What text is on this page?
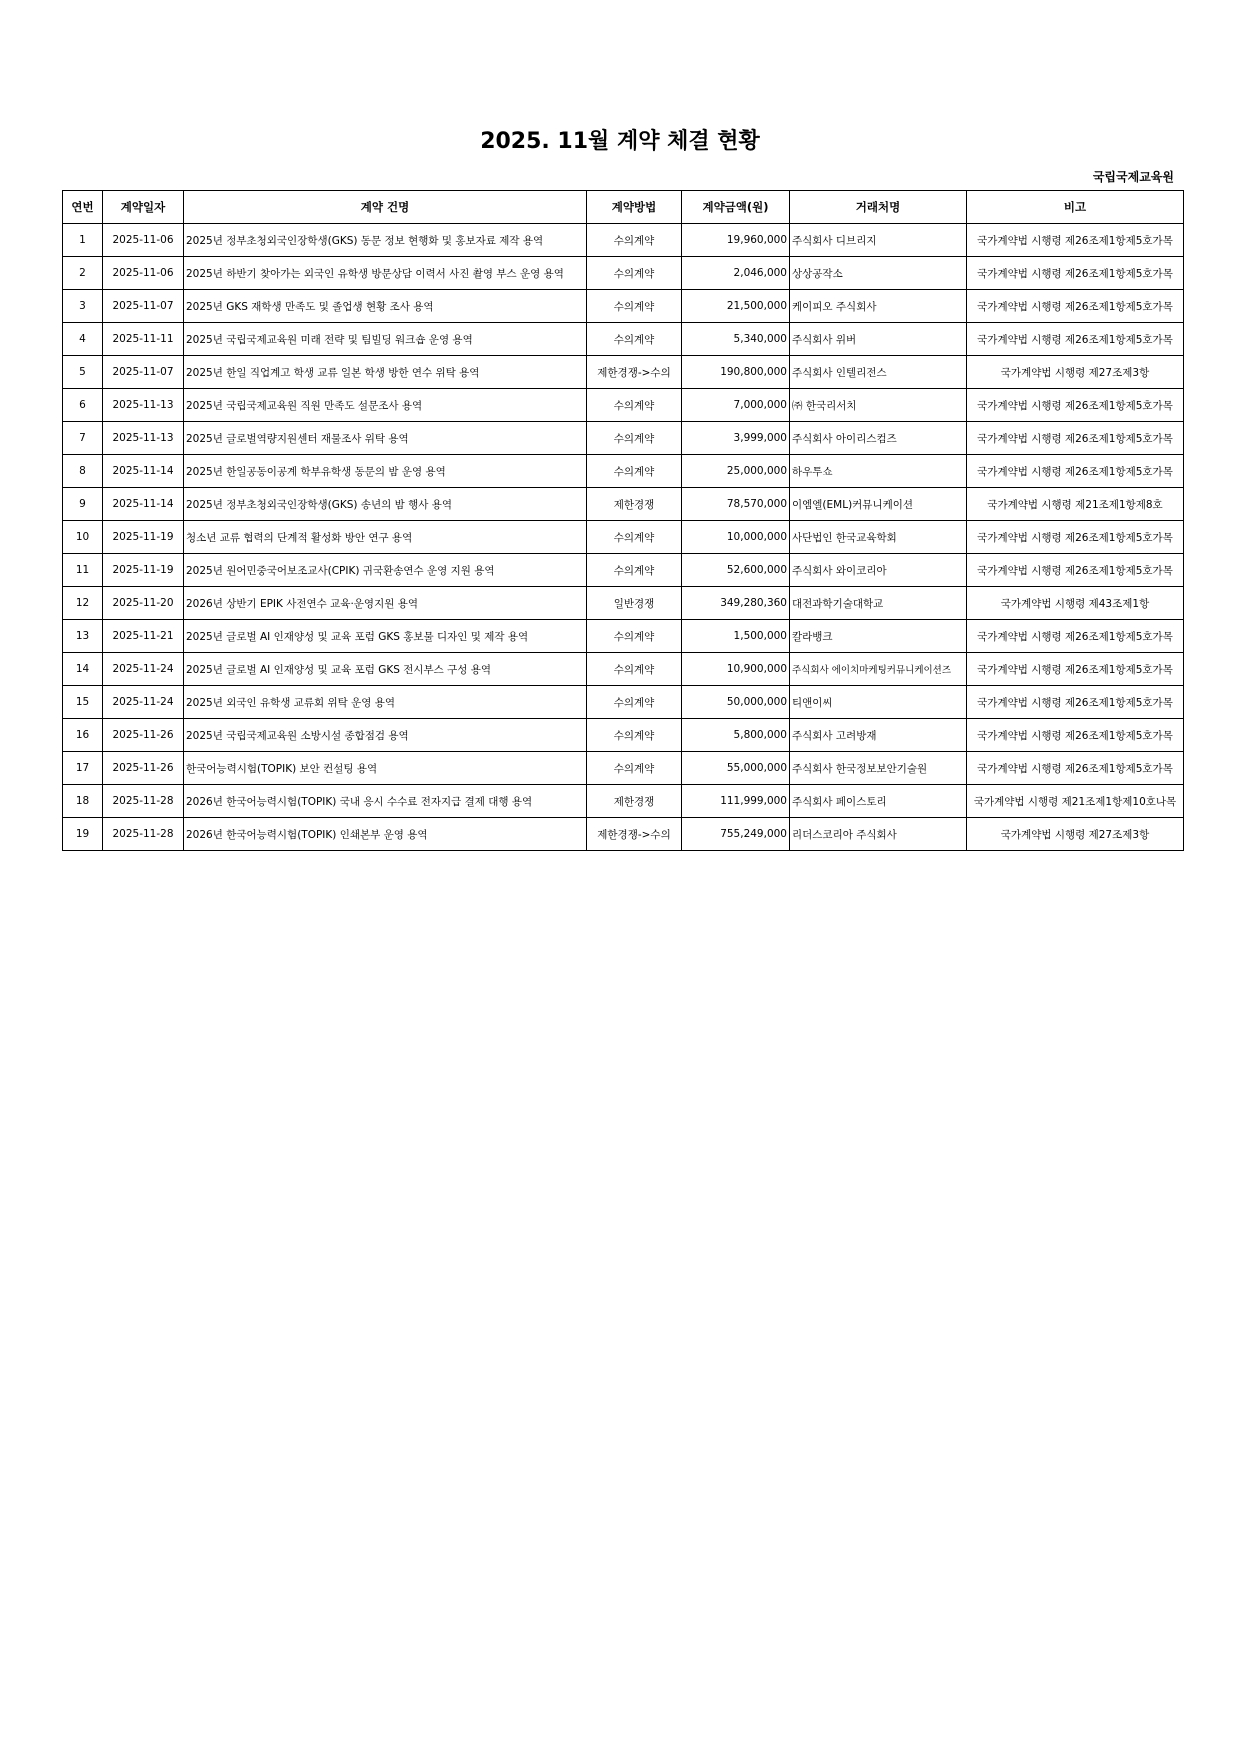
2025. 11월 계약 체결 현황
국립국제교육원
연번	계약일자	계약 건명	계약방법	계약금액(원)	거래처명	비고
1	2025-11-06	2025년 정부초청외국인장학생(GKS) 동문 정보 현행화 및 홍보자료 제작 용역	수의계약	19,960,000	주식회사 디브리지	국가계약법 시행령 제26조제1항제5호가목
2	2025-11-06	2025년 하반기 찾아가는 외국인 유학생 방문상담 이력서 사진 촬영 부스 운영 용역	수의계약	2,046,000	상상공작소	국가계약법 시행령 제26조제1항제5호가목
3	2025-11-07	2025년 GKS 재학생 만족도 및 졸업생 현황 조사 용역	수의계약	21,500,000	케이피오 주식회사	국가계약법 시행령 제26조제1항제5호가목
4	2025-11-11	2025년 국립국제교육원 미래 전략 및 팀빌딩 워크숍 운영 용역	수의계약	5,340,000	주식회사 위버	국가계약법 시행령 제26조제1항제5호가목
5	2025-11-07	2025년 한일 직업계고 학생 교류 일본 학생 방한 연수 위탁 용역	제한경쟁->수의	190,800,000	주식회사 인텔리전스	국가계약법 시행령 제27조제3항
6	2025-11-13	2025년 국립국제교육원 직원 만족도 설문조사 용역	수의계약	7,000,000	㈜ 한국리서치	국가계약법 시행령 제26조제1항제5호가목
7	2025-11-13	2025년 글로벌역량지원센터 재물조사 위탁 용역	수의계약	3,999,000	주식회사 아이리스컴즈	국가계약법 시행령 제26조제1항제5호가목
8	2025-11-14	2025년 한일공동이공계 학부유학생 동문의 밤 운영 용역	수의계약	25,000,000	하우투쇼	국가계약법 시행령 제26조제1항제5호가목
9	2025-11-14	2025년 정부초청외국인장학생(GKS) 송년의 밤 행사 용역	제한경쟁	78,570,000	이엠엘(EML)커뮤니케이션	국가계약법 시행령 제21조제1항제8호
10	2025-11-19	청소년 교류 협력의 단계적 활성화 방안 연구 용역	수의계약	10,000,000	사단법인 한국교육학회	국가계약법 시행령 제26조제1항제5호가목
11	2025-11-19	2025년 원어민중국어보조교사(CPIK) 귀국환송연수 운영 지원 용역	수의계약	52,600,000	주식회사 와이코리아	국가계약법 시행령 제26조제1항제5호가목
12	2025-11-20	2026년 상반기 EPIK 사전연수 교육·운영지원 용역	일반경쟁	349,280,360	대전과학기술대학교	국가계약법 시행령 제43조제1항
13	2025-11-21	2025년 글로벌 AI 인재양성 및 교육 포럼 GKS 홍보물 디자인 및 제작 용역	수의계약	1,500,000	칼라뱅크	국가계약법 시행령 제26조제1항제5호가목
14	2025-11-24	2025년 글로벌 AI 인재양성 및 교육 포럼 GKS 전시부스 구성 용역	수의계약	10,900,000	주식회사 에이치마케팅커뮤니케이션즈	국가계약법 시행령 제26조제1항제5호가목
15	2025-11-24	2025년 외국인 유학생 교류회 위탁 운영 용역	수의계약	50,000,000	티앤이씨	국가계약법 시행령 제26조제1항제5호가목
16	2025-11-26	2025년 국립국제교육원 소방시설 종합점검 용역	수의계약	5,800,000	주식회사 고려방재	국가계약법 시행령 제26조제1항제5호가목
17	2025-11-26	한국어능력시험(TOPIK) 보안 컨설팅 용역	수의계약	55,000,000	주식회사 한국정보보안기술원	국가계약법 시행령 제26조제1항제5호가목
18	2025-11-28	2026년 한국어능력시험(TOPIK) 국내 응시 수수료 전자지급 결제 대행 용역	제한경쟁	111,999,000	주식회사 페이스토리	국가계약법 시행령 제21조제1항제10호나목
19	2025-11-28	2026년 한국어능력시험(TOPIK) 인쇄본부 운영 용역	제한경쟁->수의	755,249,000	리더스코리아 주식회사	국가계약법 시행령 제27조제3항
